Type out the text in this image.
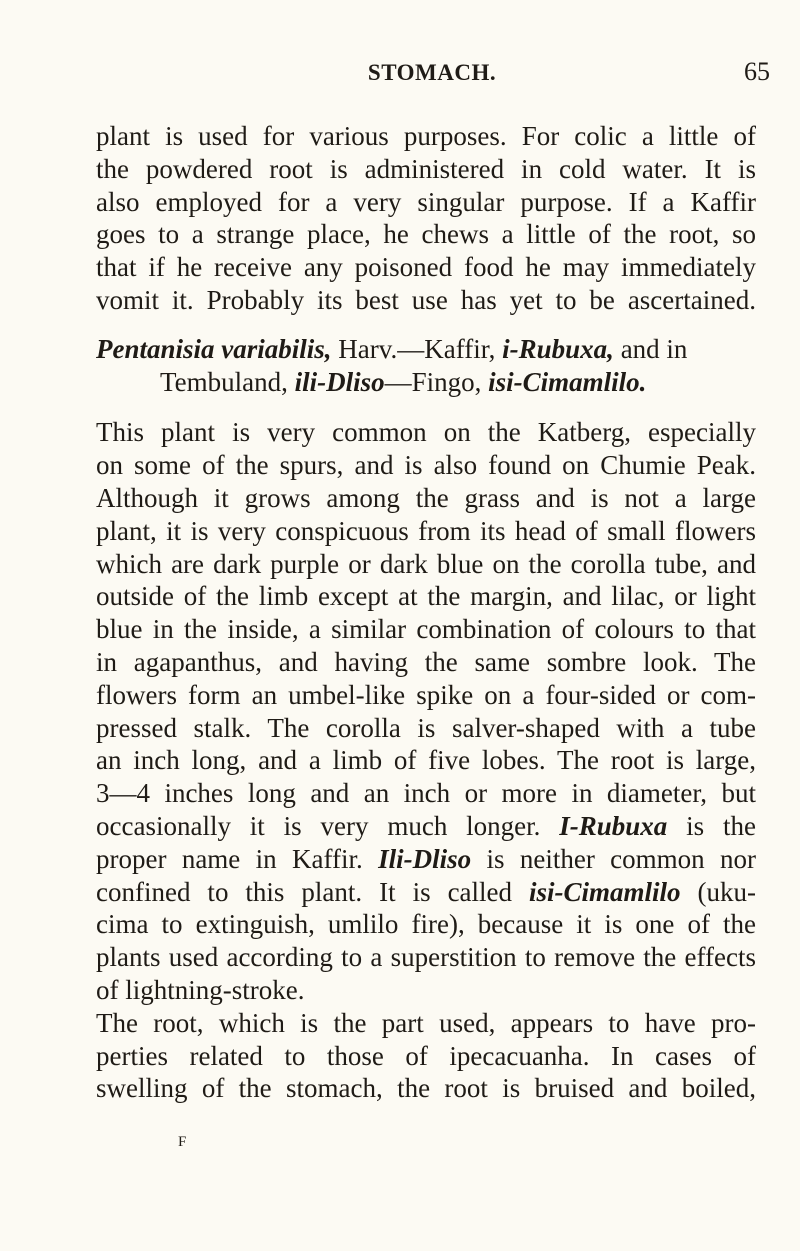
STOMACH.	65

plant is used for various purposes. For colic a little of
the powdered root is administered in cold water. It is
also employed for a very singular purpose. If a Kaffir
goes to a strange place, he chews a little of the root, so
that if he receive any poisoned food he may immediately
vomit it. Probably its best use has yet to be ascertained.

Pentanisia variabilis, Harv.—Kaffir, i-Rubuxa, and in
Tembuland, ili-Dliso—Fingo, isi-Cimamlilo.

This plant is very common on the Katberg, especially
on some of the spurs, and is also found on Chumie Peak.
Although it grows among the grass and is not a large
plant, it is very conspicuous from its head of small flowers
which are dark purple or dark blue on the corolla tube, and
outside of the limb except at the margin, and lilac, or light
blue in the inside, a similar combination of colours to that
in agapanthus, and having the same sombre look. The
flowers form an umbel-like spike on a four-sided or com-
pressed stalk. The corolla is salver-shaped with a tube
an inch long, and a limb of five lobes. The root is large,
3—4 inches long and an inch or more in diameter, but
occasionally it is very much longer. I-Rubuxa is the
proper name in Kaffir. Ili-Dliso is neither common nor
confined to this plant. It is called isi-Cimamlilo (uku-
cima to extinguish, umlilo fire), because it is one of the
plants used according to a superstition to remove the effects
of lightning-stroke.

The root, which is the part used, appears to have pro-
perties related to those of ipecacuanha. In cases of
swelling of the stomach, the root is bruised and boiled,

F
